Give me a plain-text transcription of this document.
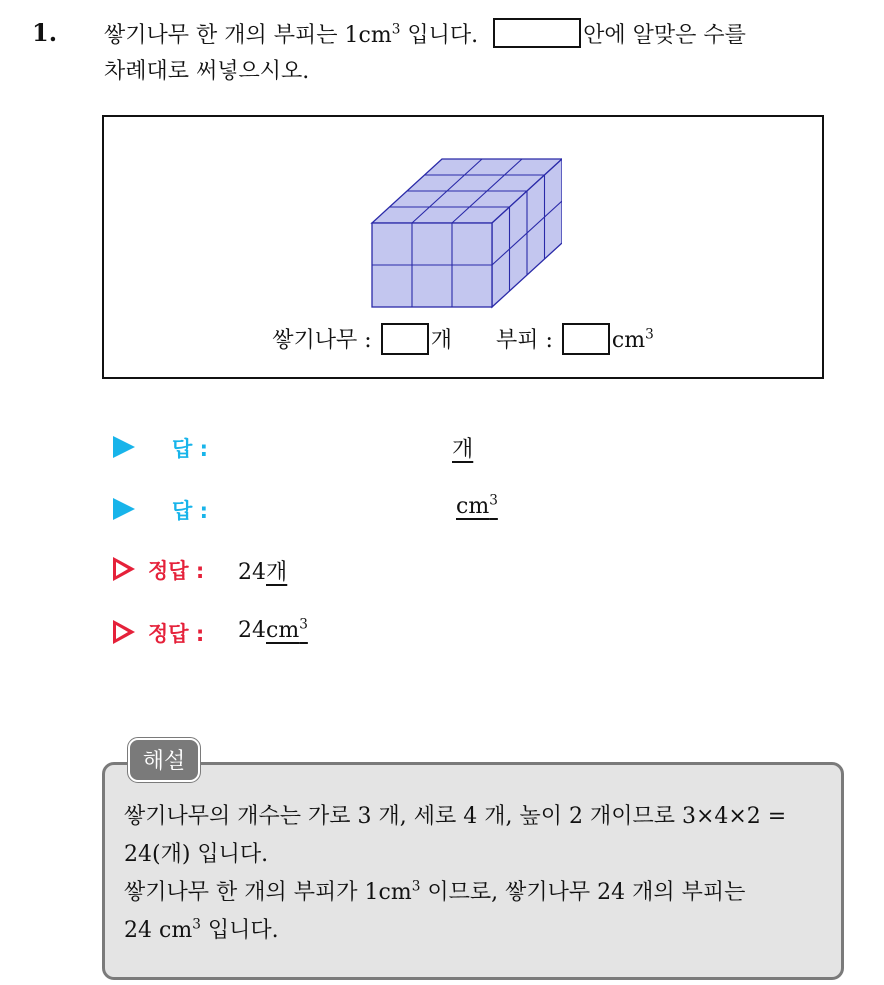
1. 쌓기나무 한 개의 부피는 $1cm^3$ 입니다.	안에 알맞은 수를
차례대로 써넣으시오.
쌓기나무 :	개 부피 :	$cm^3$
답 :	개
답 :	$cm^3$
정답 : 24개
정답 : $24cm^3$
해설
쌓기나무의 개수는 가로 3 개, 세로 4 개, 높이 2 개이므로 3×4×2 =
24(개) 입니다.
쌓기나무 한 개의 부피가 $1cm^3$ 이므로, 쌓기나무 24 개의 부피는
24 $cm^3$ 입니다.
